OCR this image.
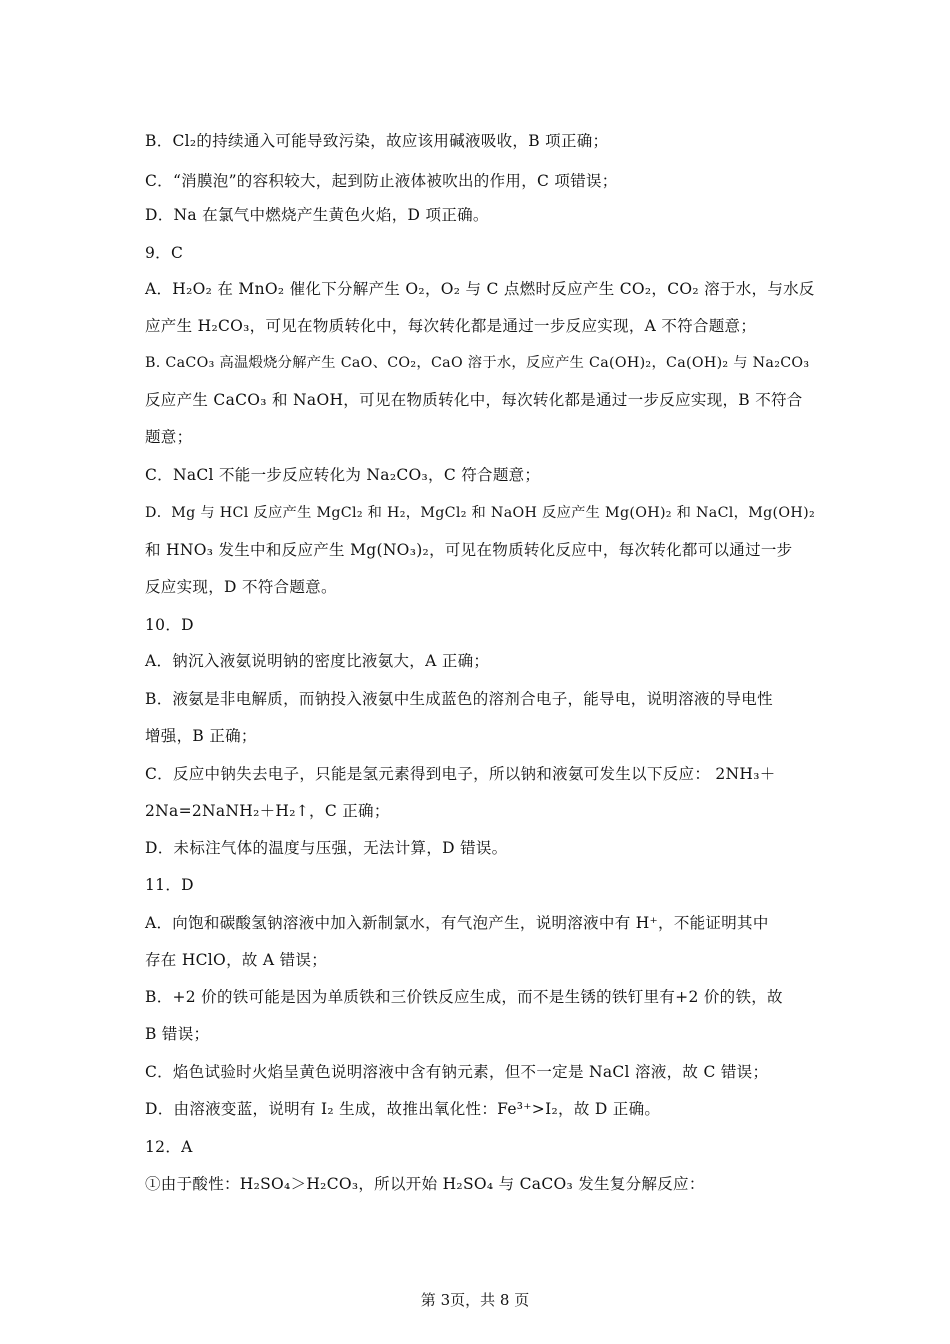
B．Cl₂的持续通入可能导致污染，故应该用碱液吸收，B 项正确；
C．“消膜泡”的容积较大，起到防止液体被吹出的作用，C 项错误；
D．Na 在氯气中燃烧产生黄色火焰，D 项正确。
9．C
A．H₂O₂ 在 MnO₂ 催化下分解产生 O₂，O₂ 与 C 点燃时反应产生 CO₂，CO₂ 溶于水，与水反
应产生 H₂CO₃，可见在物质转化中，每次转化都是通过一步反应实现，A 不符合题意；
B. CaCO₃ 高温煅烧分解产生 CaO、CO₂，CaO 溶于水，反应产生 Ca(OH)₂，Ca(OH)₂ 与 Na₂CO₃
反应产生 CaCO₃ 和 NaOH，可见在物质转化中，每次转化都是通过一步反应实现，B 不符合
题意；
C．NaCl 不能一步反应转化为 Na₂CO₃，C 符合题意；
D．Mg 与 HCl 反应产生 MgCl₂ 和 H₂，MgCl₂ 和 NaOH 反应产生 Mg(OH)₂ 和 NaCl，Mg(OH)₂
和 HNO₃ 发生中和反应产生 Mg(NO₃)₂，可见在物质转化反应中，每次转化都可以通过一步
反应实现，D 不符合题意。
10．D
A．钠沉入液氨说明钠的密度比液氨大，A 正确；
B．液氨是非电解质，而钠投入液氨中生成蓝色的溶剂合电子，能导电，说明溶液的导电性
增强，B 正确；
C．反应中钠失去电子，只能是氢元素得到电子，所以钠和液氨可发生以下反应： 2NH₃＋
2Na=2NaNH₂＋H₂↑，C 正确；
D．未标注气体的温度与压强，无法计算，D 错误。
11．D
A．向饱和碳酸氢钠溶液中加入新制氯水，有气泡产生，说明溶液中有 H⁺，不能证明其中
存在 HClO，故 A 错误；
B．+2 价的铁可能是因为单质铁和三价铁反应生成，而不是生锈的铁钉里有+2 价的铁，故
B 错误；
C．焰色试验时火焰呈黄色说明溶液中含有钠元素，但不一定是 NaCl 溶液，故 C 错误；
D．由溶液变蓝，说明有 I₂ 生成，故推出氧化性：Fe³⁺>I₂，故 D 正确。
12．A
①由于酸性：H₂SO₄＞H₂CO₃，所以开始 H₂SO₄ 与 CaCO₃ 发生复分解反应：
第 3页，共 8 页
